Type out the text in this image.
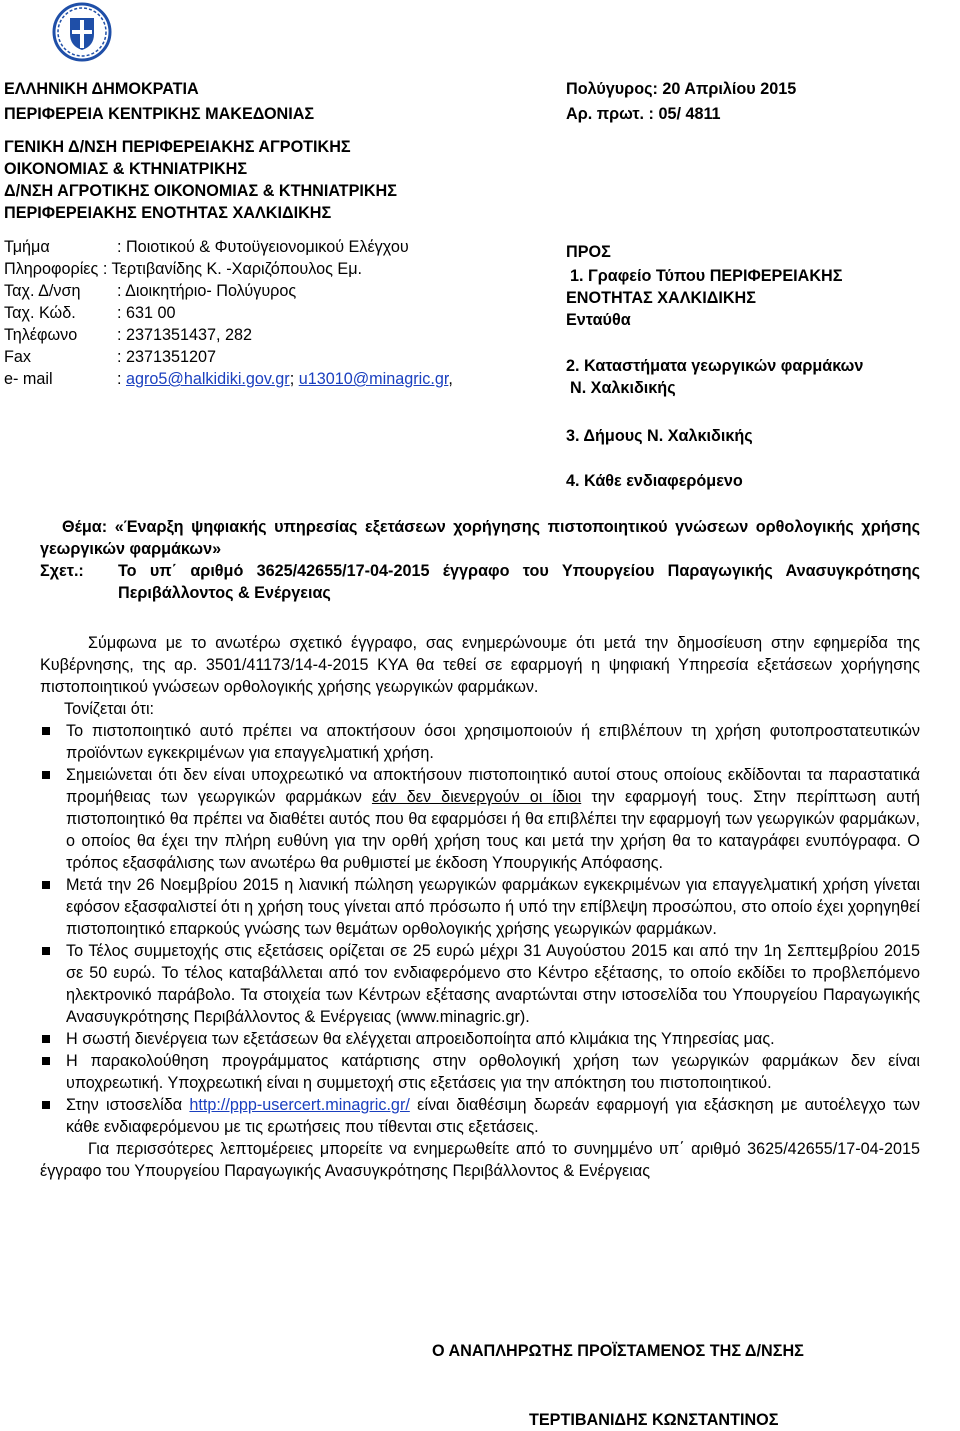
ΕΛΛΗΝΙΚΗ ΔΗΜΟΚΡΑΤΙΑ
ΠΕΡΙΦΕΡΕΙΑ ΚΕΝΤΡΙΚΗΣ ΜΑΚΕΔΟΝΙΑΣ
ΓΕΝΙΚΗ Δ/ΝΣΗ ΠΕΡΙΦΕΡΕΙΑΚΗΣ ΑΓΡΟΤΙΚΗΣ
ΟΙΚΟΝΟΜΙΑΣ & ΚΤΗΝΙΑΤΡΙΚΗΣ
Δ/ΝΣΗ ΑΓΡΟΤΙΚΗΣ ΟΙΚΟΝΟΜΙΑΣ & ΚΤΗΝΙΑΤΡΙΚΗΣ
ΠΕΡΙΦΕΡΕΙΑΚΗΣ ΕΝΟΤΗΤΑΣ ΧΑΛΚΙΔΙΚΗΣ
Πολύγυρος: 20 Απριλίου 2015
Αρ. πρωτ. : 05/ 4811
Τμήμα	: Ποιοτικού & Φυτοϋγειονομικού Ελέγχου
Πληροφορίες : Τερτιβανίδης Κ. -Χαριζόπουλος Εμ.
Ταχ. Δ/νση : Διοικητήριο- Πολύγυρος
Ταχ. Κώδ.	: 631 00
Τηλέφωνο : 2371351437, 282
Fax	: 2371351207
e- mail	: agro5@halkidiki.gov.gr; u13010@minagric.gr,
ΠΡΟΣ
1. Γραφείο Τύπου ΠΕΡΙΦΕΡΕΙΑΚΗΣ
ΕΝΟΤΗΤΑΣ ΧΑΛΚΙΔΙΚΗΣ
Ενταύθα
2. Καταστήματα γεωργικών φαρμάκων
Ν. Χαλκιδικής
3. Δήμους Ν. Χαλκιδικής
4. Κάθε ενδιαφερόμενο
Θέμα: «Έναρξη ψηφιακής υπηρεσίας εξετάσεων χορήγησης πιστοποιητικού γνώσεων ορθολογικής χρήσης γεωργικών φαρμάκων»
Σχετ.: Το υπ΄ αριθμό 3625/42655/17-04-2015 έγγραφο του Υπουργείου Παραγωγικής Ανασυγκρότησης Περιβάλλοντος & Ενέργειας

Σύμφωνα με το ανωτέρω σχετικό έγγραφο, σας ενημερώνουμε ότι μετά την δημοσίευση στην εφημερίδα της Κυβέρνησης, της αρ. 3501/41173/14-4-2015 ΚΥΑ θα τεθεί σε εφαρμογή η ψηφιακή Υπηρεσία εξετάσεων χορήγησης πιστοποιητικού γνώσεων ορθολογικής χρήσης γεωργικών φαρμάκων.

Τονίζεται ότι:

Το πιστοποιητικό αυτό πρέπει να αποκτήσουν όσοι χρησιμοποιούν ή επιβλέπουν τη χρήση φυτοπροστατευτικών προϊόντων εγκεκριμένων για επαγγελματική χρήση.

Σημειώνεται ότι δεν είναι υποχρεωτικό να αποκτήσουν πιστοποιητικό αυτοί στους οποίους εκδίδονται τα παραστατικά προμήθειας των γεωργικών φαρμάκων εάν δεν διενεργούν οι ίδιοι την εφαρμογή τους. Στην περίπτωση αυτή πιστοποιητικό θα πρέπει να διαθέτει αυτός που θα εφαρμόσει ή θα επιβλέπει την εφαρμογή των γεωργικών φαρμάκων, ο οποίος θα έχει την πλήρη ευθύνη για την ορθή χρήση τους και μετά την χρήση θα το καταγράφει ενυπόγραφα. Ο τρόπος εξασφάλισης των ανωτέρω θα ρυθμιστεί με έκδοση Υπουργικής Απόφασης.

Μετά την 26 Νοεμβρίου 2015 η λιανική πώληση γεωργικών φαρμάκων εγκεκριμένων για επαγγελματική χρήση γίνεται εφόσον εξασφαλιστεί ότι η χρήση τους γίνεται από πρόσωπο ή υπό την επίβλεψη προσώπου, στο οποίο έχει χορηγηθεί πιστοποιητικό επαρκούς γνώσης των θεμάτων ορθολογικής χρήσης γεωργικών φαρμάκων.

Το Τέλος συμμετοχής στις εξετάσεις ορίζεται σε 25 ευρώ μέχρι 31 Αυγούστου 2015 και από την 1η Σεπτεμβρίου 2015 σε 50 ευρώ. Το τέλος καταβάλλεται από τον ενδιαφερόμενο στο Κέντρο εξέτασης, το οποίο εκδίδει το προβλεπόμενο ηλεκτρονικό παράβολο. Τα στοιχεία των Κέντρων εξέτασης αναρτώνται στην ιστοσελίδα του Υπουργείου Παραγωγικής Ανασυγκρότησης Περιβάλλοντος & Ενέργειας (www.minagric.gr).

Η σωστή διενέργεια των εξετάσεων θα ελέγχεται απροειδοποίητα από κλιμάκια της Υπηρεσίας μας.

Η παρακολούθηση προγράμματος κατάρτισης στην ορθολογική χρήση των γεωργικών φαρμάκων δεν είναι υποχρεωτική. Υποχρεωτική είναι η συμμετοχή στις εξετάσεις για την απόκτηση του πιστοποιητικού.

Στην ιστοσελίδα http://ppp-usercert.minagric.gr/ είναι διαθέσιμη δωρεάν εφαρμογή για εξάσκηση με αυτοέλεγχο των κάθε ενδιαφερόμενου με τις ερωτήσεις που τίθενται στις εξετάσεις.

Για περισσότερες λεπτομέρειες μπορείτε να ενημερωθείτε από το συνημμένο υπ΄ αριθμό 3625/42655/17-04-2015 έγγραφο του Υπουργείου Παραγωγικής Ανασυγκρότησης Περιβάλλοντος & Ενέργειας

Ο ΑΝΑΠΛΗΡΩΤΗΣ ΠΡΟΪΣΤΑΜΕΝΟΣ ΤΗΣ Δ/ΝΣΗΣ
ΤΕΡΤΙΒΑΝΙΔΗΣ ΚΩΝΣΤΑΝΤΙΝΟΣ
